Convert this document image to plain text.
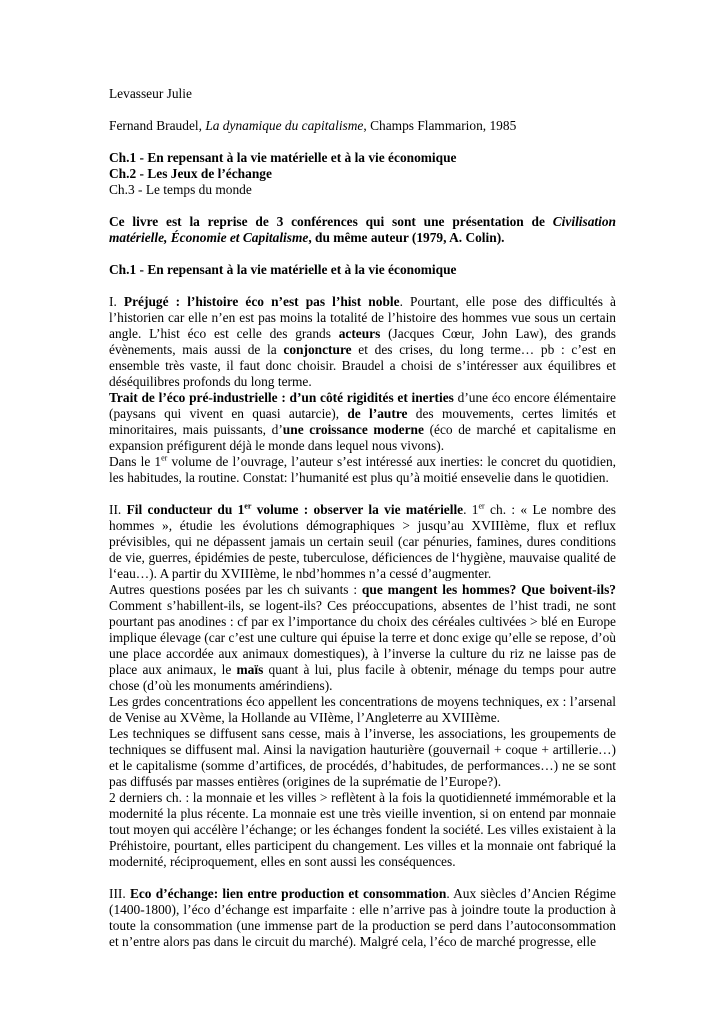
Levasseur Julie

Fernand Braudel, La dynamique du capitalisme, Champs Flammarion, 1985

Ch.1 - En repensant à la vie matérielle et à la vie économique

Ch.2 - Les Jeux de l’échange

Ch.3 - Le temps du monde

Ce livre est la reprise de 3 conférences qui sont une présentation de Civilisation matérielle, Économie et Capitalisme, du même auteur (1979, A. Colin).

Ch.1 - En repensant à la vie matérielle et à la vie économique

I. Préjugé : l’histoire éco n’est pas l’hist noble. Pourtant, elle pose des difficultés à l’historien car elle n’en est pas moins la totalité de l’histoire des hommes vue sous un certain angle. L’hist éco est celle des grands acteurs (Jacques Cœur, John Law), des grands évènements, mais aussi de la conjoncture et des crises, du long terme… pb : c’est en ensemble très vaste, il faut donc choisir. Braudel a choisi de s’intéresser aux équilibres et déséquilibres profonds du long terme.

Trait de l’éco pré-industrielle : d’un côté rigidités et inerties d’une éco encore élémentaire (paysans qui vivent en quasi autarcie), de l’autre des mouvements, certes limités et minoritaires, mais puissants, d’une croissance moderne (éco de marché et capitalisme en expansion préfigurent déjà le monde dans lequel nous vivons).

Dans le 1er volume de l’ouvrage, l’auteur s’est intéressé aux inerties: le concret du quotidien, les habitudes, la routine. Constat: l’humanité est plus qu’à moitié ensevelie dans le quotidien.

II. Fil conducteur du 1er volume : observer la vie matérielle. 1er ch. : « Le nombre des hommes », étudie les évolutions démographiques > jusqu’au XVIIIème, flux et reflux prévisibles, qui ne dépassent jamais un certain seuil (car pénuries, famines, dures conditions de vie, guerres, épidémies de peste, tuberculose, déficiences de l‘hygiène, mauvaise qualité de l‘eau…). A partir du XVIIIème, le nbd’hommes n’a cessé d’augmenter.

Autres questions posées par les ch suivants : que mangent les hommes? Que boivent-ils? Comment s’habillent-ils, se logent-ils? Ces préoccupations, absentes de l’hist tradi, ne sont pourtant pas anodines : cf par ex l’importance du choix des céréales cultivées > blé en Europe implique élevage (car c’est une culture qui épuise la terre et donc exige qu’elle se repose, d’où une place accordée aux animaux domestiques), à l’inverse la culture du riz ne laisse pas de place aux animaux, le maïs quant à lui, plus facile à obtenir, ménage du temps pour autre chose (d’où les monuments amérindiens).

Les grdes concentrations éco appellent les concentrations de moyens techniques, ex : l’arsenal de Venise au XVème, la Hollande au VIIème, l’Angleterre au XVIIIème.

Les techniques se diffusent sans cesse, mais à l’inverse, les associations, les groupements de techniques se diffusent mal. Ainsi la navigation hauturière (gouvernail + coque + artillerie…) et le capitalisme (somme d’artifices, de procédés, d’habitudes, de performances…) ne se sont pas diffusés par masses entières (origines de la suprématie de l’Europe?).

2 derniers ch. : la monnaie et les villes > reflètent à la fois la quotidienneté immémorable et la modernité la plus récente. La monnaie est une très vieille invention, si on entend par monnaie tout moyen qui accélère l’échange; or les échanges fondent la société. Les villes existaient à la Préhistoire, pourtant, elles participent du changement. Les villes et la monnaie ont fabriqué la modernité, réciproquement, elles en sont aussi les conséquences.

III. Eco d’échange: lien entre production et consommation. Aux siècles d’Ancien Régime (1400-1800), l’éco d’échange est imparfaite : elle n’arrive pas à joindre toute la production à toute la consommation (une immense part de la production se perd dans l’autoconsommation et n’entre alors pas dans le circuit du marché). Malgré cela, l’éco de marché progresse, elle
